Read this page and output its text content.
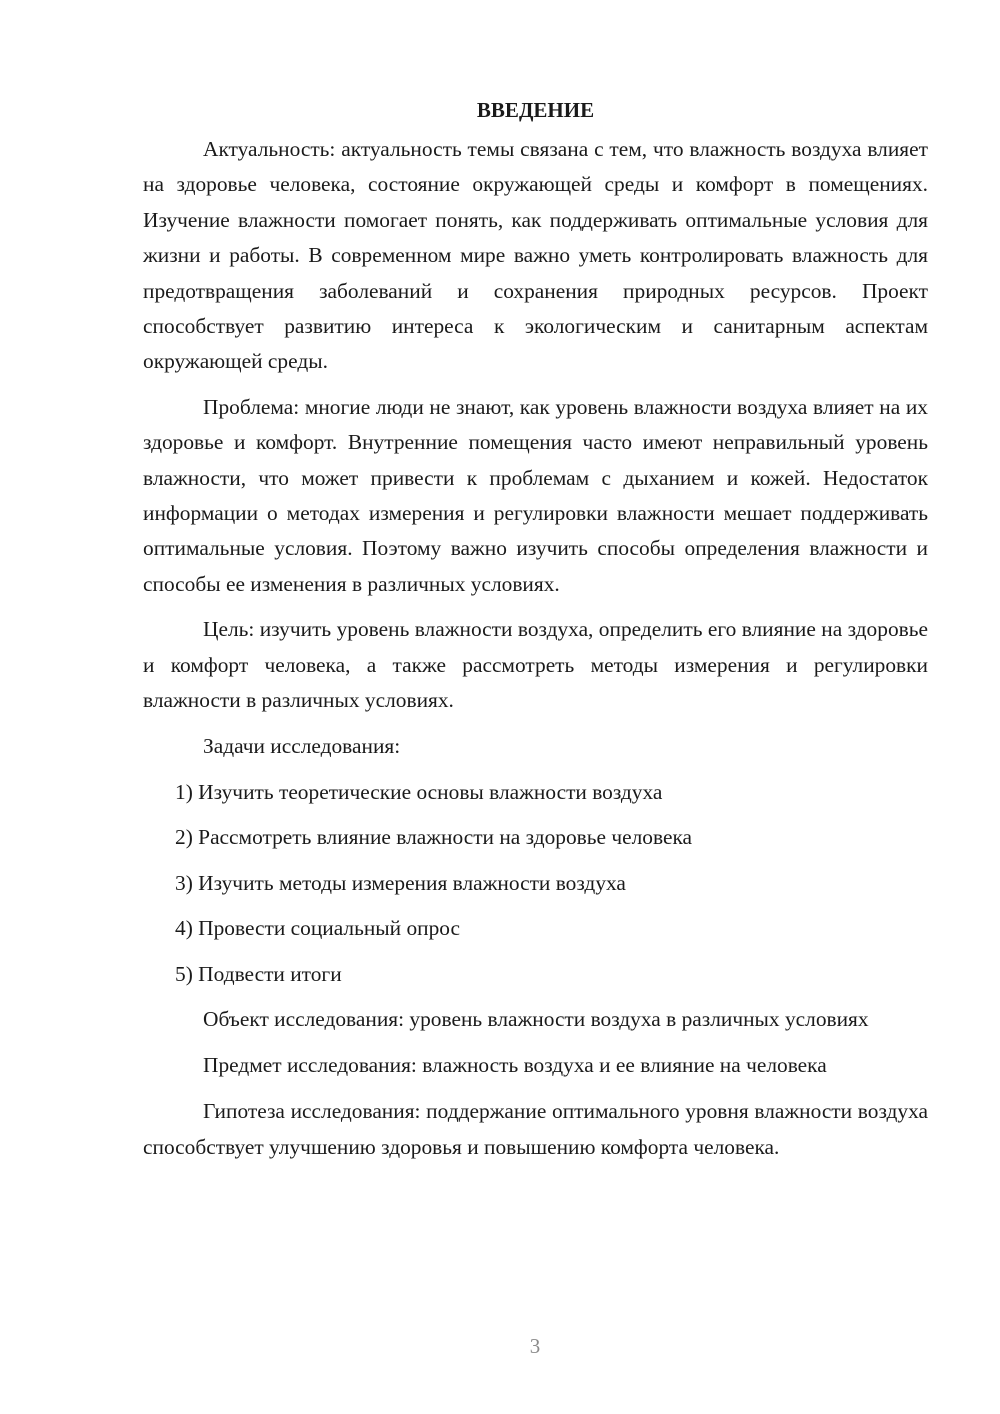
ВВЕДЕНИЕ

Актуальность: актуальность темы связана с тем, что влажность воздуха влияет на здоровье человека, состояние окружающей среды и комфорт в помещениях. Изучение влажности помогает понять, как поддерживать оптимальные условия для жизни и работы. В современном мире важно уметь контролировать влажность для предотвращения заболеваний и сохранения природных ресурсов. Проект способствует развитию интереса к экологическим и санитарным аспектам окружающей среды.

Проблема: многие люди не знают, как уровень влажности воздуха влияет на их здоровье и комфорт. Внутренние помещения часто имеют неправильный уровень влажности, что может привести к проблемам с дыханием и кожей. Недостаток информации о методах измерения и регулировки влажности мешает поддерживать оптимальные условия. Поэтому важно изучить способы определения влажности и способы ее изменения в различных условиях.

Цель: изучить уровень влажности воздуха, определить его влияние на здоровье и комфорт человека, а также рассмотреть методы измерения и регулировки влажности в различных условиях.

Задачи исследования:

1) Изучить теоретические основы влажности воздуха
2) Рассмотреть влияние влажности на здоровье человека
3) Изучить методы измерения влажности воздуха
4) Провести социальный опрос
5) Подвести итоги

Объект исследования: уровень влажности воздуха в различных условиях

Предмет исследования: влажность воздуха и ее влияние на человека

Гипотеза исследования: поддержание оптимального уровня влажности воздуха способствует улучшению здоровья и повышению комфорта человека.

3
